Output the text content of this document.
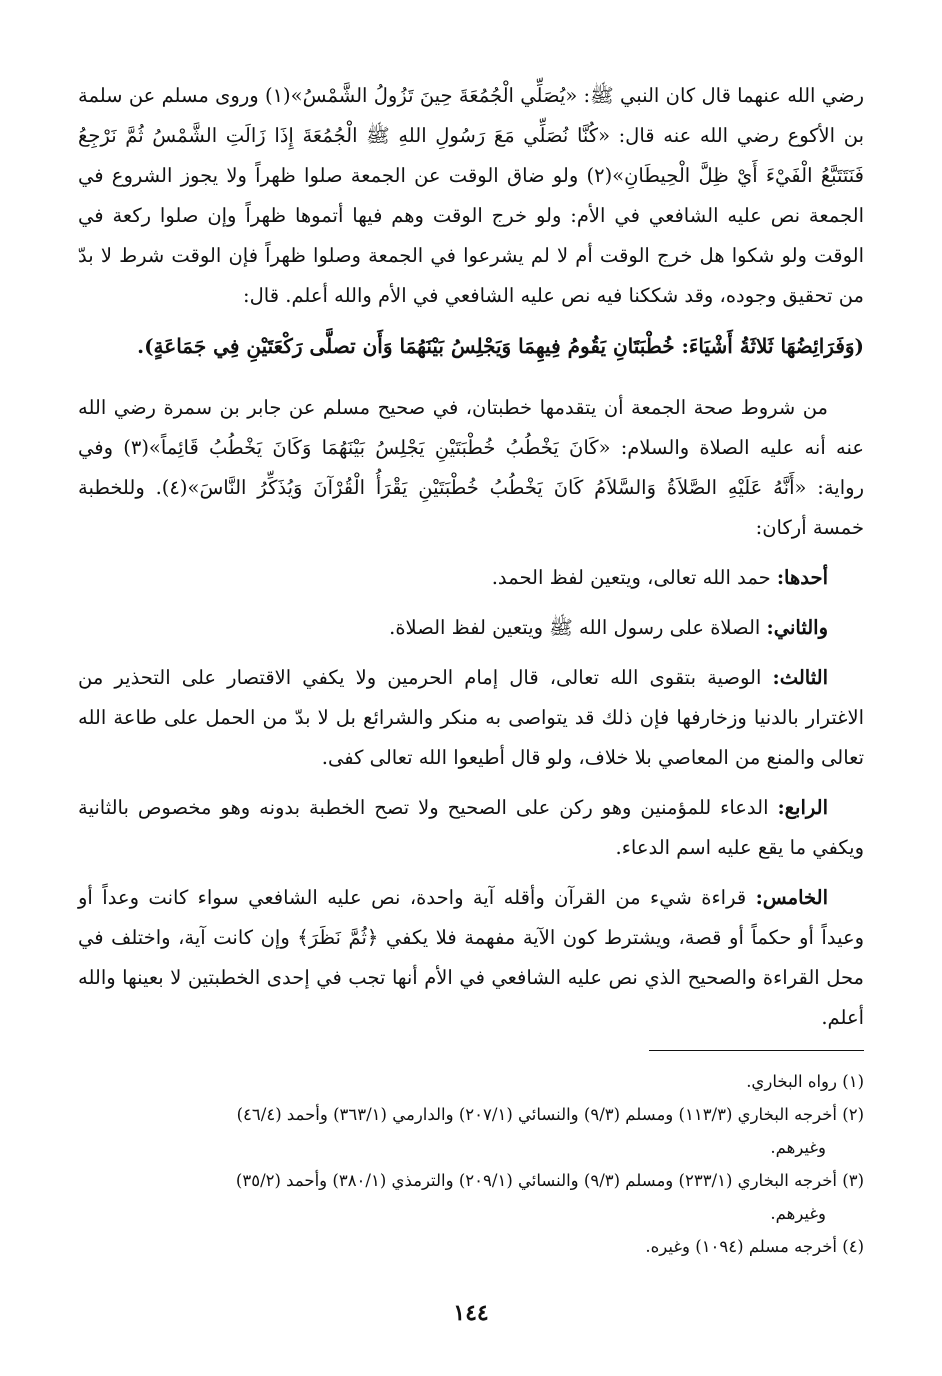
رضي الله عنهما قال كان النبي ﷺ: «يُصَلِّي الْجُمُعَةَ حِينَ تَزُولُ الشَّمْسُ»(١) وروى مسلم عن سلمة بن الأكوع رضي الله عنه قال: «كُنَّا نُصَلِّي مَعَ رَسُولِ اللهِ ﷺ الْجُمُعَةَ إِذَا زَالَتِ الشَّمْسُ ثُمَّ نَرْجِعُ فَنَتَتَبَّعُ الْفَيْءَ أَيْ ظِلَّ الْحِيطَانِ»(٢) ولو ضاق الوقت عن الجمعة صلوا ظهراً ولا يجوز الشروع في الجمعة نص عليه الشافعي في الأم: ولو خرج الوقت وهم فيها أتموها ظهراً وإن صلوا ركعة في الوقت ولو شكوا هل خرج الوقت أم لا لم يشرعوا في الجمعة وصلوا ظهراً فإن الوقت شرط لا بدّ من تحقيق وجوده، وقد شككنا فيه نص عليه الشافعي في الأم والله أعلم. قال:

(وَفَرَائِضُهَا ثَلاثَةُ أَشْيَاءَ: خُطْبَتَانِ يَقُومُ فِيهِمَا وَيَجْلِسُ بَيْنَهُمَا وَأَن تصلَّى رَكْعَتَيْنِ فِي جَمَاعَةٍ).

من شروط صحة الجمعة أن يتقدمها خطبتان، في صحيح مسلم عن جابر بن سمرة رضي الله عنه أنه عليه الصلاة والسلام: «كَانَ يَخْطُبُ خُطْبَتَيْنِ يَجْلِسُ بَيْنَهُمَا وَكَانَ يَخْطُبُ قَائِماً»(٣) وفي رواية: «أَنَّهُ عَلَيْهِ الصَّلاَةُ وَالسَّلاَمُ كَانَ يَخْطُبُ خُطْبَتَيْنِ يَقْرَأُ الْقُرْآنَ وَيُذَكِّرُ النَّاسَ»(٤). وللخطبة خمسة أركان:

أحدها: حمد الله تعالى، ويتعين لفظ الحمد.

والثاني: الصلاة على رسول الله ﷺ ويتعين لفظ الصلاة.

الثالث: الوصية بتقوى الله تعالى، قال إمام الحرمين ولا يكفي الاقتصار على التحذير من الاغترار بالدنيا وزخارفها فإن ذلك قد يتواصى به منكر والشرائع بل لا بدّ من الحمل على طاعة الله تعالى والمنع من المعاصي بلا خلاف، ولو قال أطيعوا الله تعالى كفى.

الرابع: الدعاء للمؤمنين وهو ركن على الصحيح ولا تصح الخطبة بدونه وهو مخصوص بالثانية ويكفي ما يقع عليه اسم الدعاء.

الخامس: قراءة شيء من القرآن وأقله آية واحدة، نص عليه الشافعي سواء كانت وعداً أو وعيداً أو حكماً أو قصة، ويشترط كون الآية مفهمة فلا يكفي ﴿ثُمَّ نَظَرَ﴾ وإن كانت آية، واختلف في محل القراءة والصحيح الذي نص عليه الشافعي في الأم أنها تجب في إحدى الخطبتين لا بعينها والله أعلم.

(١) رواه البخاري.

(٢) أخرجه البخاري (١١٣/٣) ومسلم (٩/٣) والنسائي (٢٠٧/١) والدارمي (٣٦٣/١) وأحمد (٤٦/٤)
وغيرهم.

(٣) أخرجه البخاري (٢٣٣/١) ومسلم (٩/٣) والنسائي (٢٠٩/١) والترمذي (٣٨٠/١) وأحمد (٣٥/٢)
وغيرهم.

(٤) أخرجه مسلم (١٠٩٤) وغيره.

١٤٤
